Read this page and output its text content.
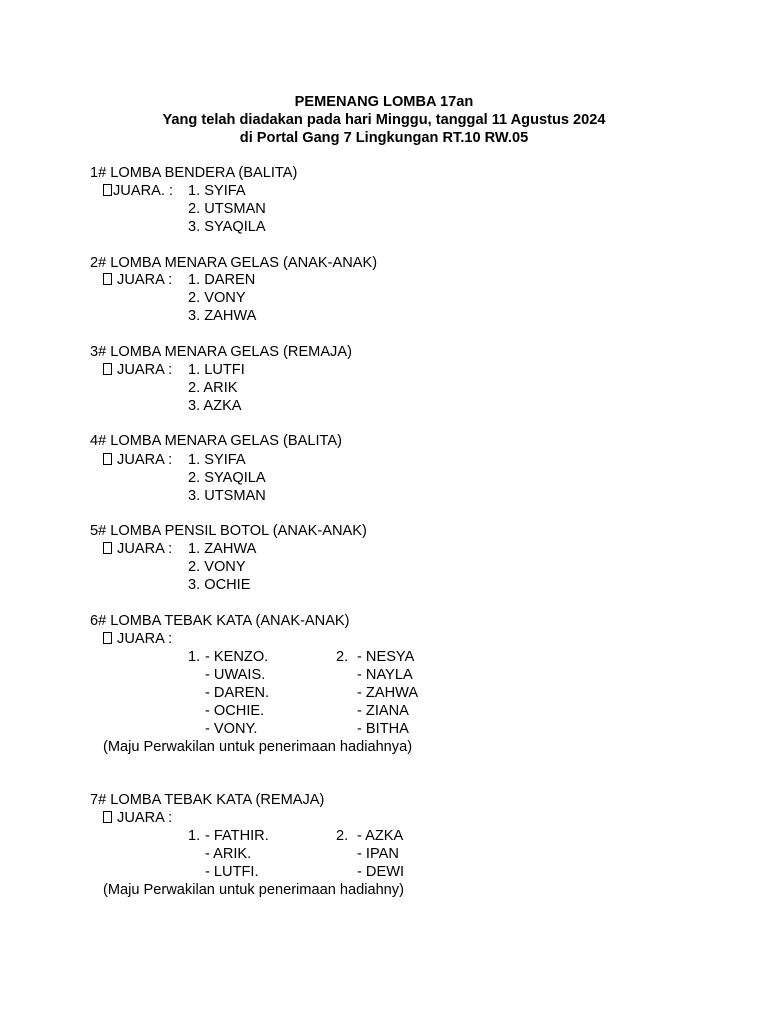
PEMENANG LOMBA 17an
Yang telah diadakan pada hari Minggu, tanggal 11 Agustus 2024
di Portal Gang 7 Lingkungan RT.10 RW.05
1# LOMBA BENDERA (BALITA)
JUARA. : 1. SYIFA
2. UTSMAN
3. SYAQILA
2# LOMBA MENARA GELAS (ANAK-ANAK)
JUARA : 1. DAREN
2. VONY
3. ZAHWA
3# LOMBA MENARA GELAS (REMAJA)
JUARA : 1. LUTFI
2. ARIK
3. AZKA
4# LOMBA MENARA GELAS (BALITA)
JUARA : 1. SYIFA
2. SYAQILA
3. UTSMAN
5# LOMBA PENSIL BOTOL (ANAK-ANAK)
JUARA : 1. ZAHWA
2. VONY
3. OCHIE
6# LOMBA TEBAK KATA (ANAK-ANAK)
JUARA :
1. - KENZO.
- UWAIS.
- DAREN.
- OCHIE.
- VONY.
2. - NESYA
- NAYLA
- ZAHWA
- ZIANA
- BITHA
(Maju Perwakilan untuk penerimaan hadiahnya)
7# LOMBA TEBAK KATA (REMAJA)
JUARA :
1. - FATHIR.
- ARIK.
- LUTFI.
2. - AZKA
- IPAN
- DEWI
(Maju Perwakilan untuk penerimaan hadiahny)
